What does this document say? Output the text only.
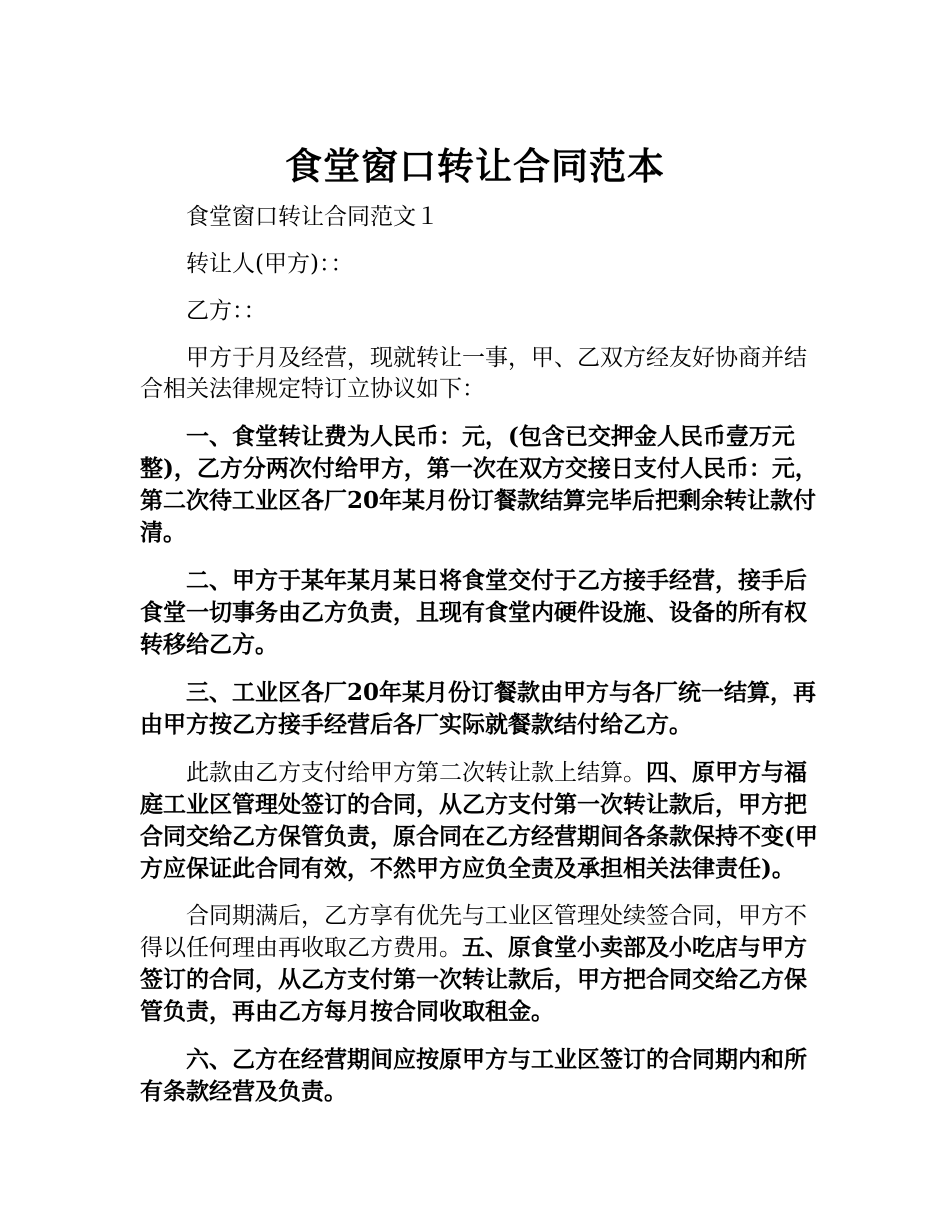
食堂窗口转让合同范本

食堂窗口转让合同范文１

转让人(甲方)：：

乙方：：

甲方于月及经营，现就转让一事，甲、乙双方经友好协商并结合相关法律规定特订立协议如下：

一、食堂转让费为人民币：元，(包含已交押金人民币壹万元整)，乙方分两次付给甲方，第一次在双方交接日支付人民币：元，第二次待工业区各厂20年某月份订餐款结算完毕后把剩余转让款付清。

二、甲方于某年某月某日将食堂交付于乙方接手经营，接手后食堂一切事务由乙方负责，且现有食堂内硬件设施、设备的所有权转移给乙方。

三、工业区各厂20年某月份订餐款由甲方与各厂统一结算，再由甲方按乙方接手经营后各厂实际就餐款结付给乙方。

此款由乙方支付给甲方第二次转让款上结算。四、原甲方与福庭工业区管理处签订的合同，从乙方支付第一次转让款后，甲方把合同交给乙方保管负责，原合同在乙方经营期间各条款保持不变(甲方应保证此合同有效，不然甲方应负全责及承担相关法律责任)。

合同期满后，乙方享有优先与工业区管理处续签合同，甲方不得以任何理由再收取乙方费用。五、原食堂小卖部及小吃店与甲方签订的合同，从乙方支付第一次转让款后，甲方把合同交给乙方保管负责，再由乙方每月按合同收取租金。

六、乙方在经营期间应按原甲方与工业区签订的合同期内和所有条款经营及负责。
